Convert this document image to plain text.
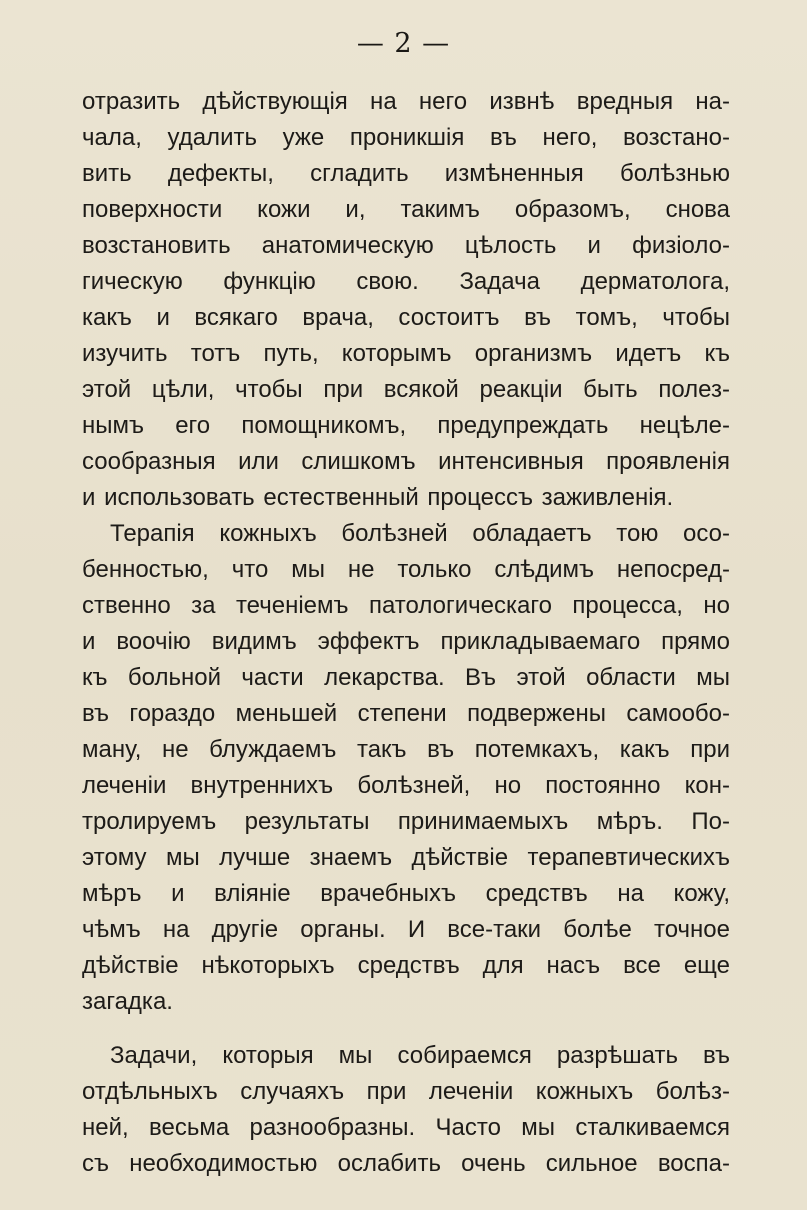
— 2 —
отразить дѣйствующія на него извнѣ вредныя на-
чала, удалить уже проникшія въ него, возстано-
вить дефекты, сгладить измѣненныя болѣзнью
поверхности кожи и, такимъ образомъ, снова
возстановить анатомическую цѣлость и физіоло-
гическую функцію свою. Задача дерматолога,
какъ и всякаго врача, состоитъ въ томъ, чтобы
изучить тотъ путь, которымъ организмъ идетъ къ
этой цѣли, чтобы при всякой реакціи быть полез-
нымъ его помощникомъ, предупреждать нецѣле-
сообразныя или слишкомъ интенсивныя проявленія
и использовать естественный процессъ заживленія.
Терапія кожныхъ болѣзней обладаетъ тою осо-
бенностью, что мы не только слѣдимъ непосред-
ственно за теченіемъ патологическаго процесса, но
и воочію видимъ эффектъ прикладываемаго прямо
къ больной части лекарства. Въ этой области мы
въ гораздо меньшей степени подвержены самообо-
ману, не блуждаемъ такъ въ потемкахъ, какъ при
леченіи внутреннихъ болѣзней, но постоянно кон-
тролируемъ результаты принимаемыхъ мѣръ. По-
этому мы лучше знаемъ дѣйствіе терапевтическихъ
мѣръ и вліяніе врачебныхъ средствъ на кожу,
чѣмъ на другіе органы. И все-таки болѣе точное
дѣйствіе нѣкоторыхъ средствъ для насъ все еще
загадка.
Задачи, которыя мы собираемся разрѣшать въ
отдѣльныхъ случаяхъ при леченіи кожныхъ болѣз-
ней, весьма разнообразны. Часто мы сталкиваемся
съ необходимостью ослабить очень сильное воспа-
